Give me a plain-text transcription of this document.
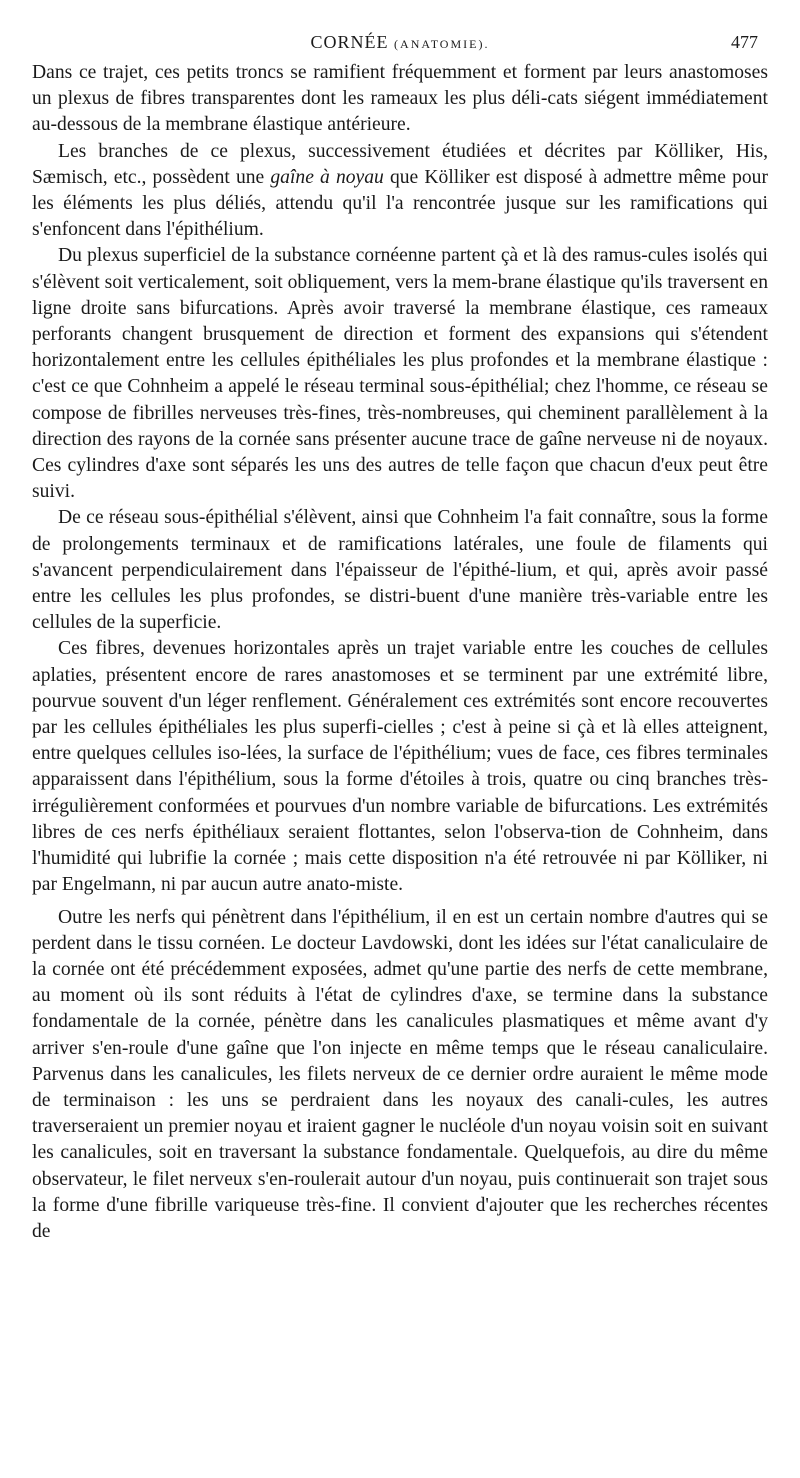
CORNÉE (ANATOMIE).	477

Dans ce trajet, ces petits troncs se ramifient fréquemment et forment par leurs anastomoses un plexus de fibres transparentes dont les rameaux les plus déli-cats siégent immédiatement au-dessous de la membrane élastique antérieure.

Les branches de ce plexus, successivement étudiées et décrites par Kölliker, His, Sæmisch, etc., possèdent une gaîne à noyau que Kölliker est disposé à admettre même pour les éléments les plus déliés, attendu qu'il l'a rencontrée jusque sur les ramifications qui s'enfoncent dans l'épithélium.

Du plexus superficiel de la substance cornéenne partent çà et là des ramus-cules isolés qui s'élèvent soit verticalement, soit obliquement, vers la mem-brane élastique qu'ils traversent en ligne droite sans bifurcations. Après avoir traversé la membrane élastique, ces rameaux perforants changent brusquement de direction et forment des expansions qui s'étendent horizontalement entre les cellules épithéliales les plus profondes et la membrane élastique : c'est ce que Cohnheim a appelé le réseau terminal sous-épithélial; chez l'homme, ce réseau se compose de fibrilles nerveuses très-fines, très-nombreuses, qui cheminent parallèlement à la direction des rayons de la cornée sans présenter aucune trace de gaîne nerveuse ni de noyaux. Ces cylindres d'axe sont séparés les uns des autres de telle façon que chacun d'eux peut être suivi.

De ce réseau sous-épithélial s'élèvent, ainsi que Cohnheim l'a fait connaître, sous la forme de prolongements terminaux et de ramifications latérales, une foule de filaments qui s'avancent perpendiculairement dans l'épaisseur de l'épithé-lium, et qui, après avoir passé entre les cellules les plus profondes, se distri-buent d'une manière très-variable entre les cellules de la superficie.

Ces fibres, devenues horizontales après un trajet variable entre les couches de cellules aplaties, présentent encore de rares anastomoses et se terminent par une extrémité libre, pourvue souvent d'un léger renflement. Généralement ces extrémités sont encore recouvertes par les cellules épithéliales les plus superfi-cielles ; c'est à peine si çà et là elles atteignent, entre quelques cellules iso-lées, la surface de l'épithélium; vues de face, ces fibres terminales apparaissent dans l'épithélium, sous la forme d'étoiles à trois, quatre ou cinq branches très-irrégulièrement conformées et pourvues d'un nombre variable de bifurcations. Les extrémités libres de ces nerfs épithéliaux seraient flottantes, selon l'observa-tion de Cohnheim, dans l'humidité qui lubrifie la cornée ; mais cette disposition n'a été retrouvée ni par Kölliker, ni par Engelmann, ni par aucun autre anato-miste.

Outre les nerfs qui pénètrent dans l'épithélium, il en est un certain nombre d'autres qui se perdent dans le tissu cornéen. Le docteur Lavdowski, dont les idées sur l'état canaliculaire de la cornée ont été précédemment exposées, admet qu'une partie des nerfs de cette membrane, au moment où ils sont réduits à l'état de cylindres d'axe, se termine dans la substance fondamentale de la cornée, pénètre dans les canalicules plasmatiques et même avant d'y arriver s'en-roule d'une gaîne que l'on injecte en même temps que le réseau canaliculaire. Parvenus dans les canalicules, les filets nerveux de ce dernier ordre auraient le même mode de terminaison : les uns se perdraient dans les noyaux des canali-cules, les autres traverseraient un premier noyau et iraient gagner le nucléole d'un noyau voisin soit en suivant les canalicules, soit en traversant la substance fondamentale. Quelquefois, au dire du même observateur, le filet nerveux s'en-roulerait autour d'un noyau, puis continuerait son trajet sous la forme d'une fibrille variqueuse très-fine. Il convient d'ajouter que les recherches récentes de
